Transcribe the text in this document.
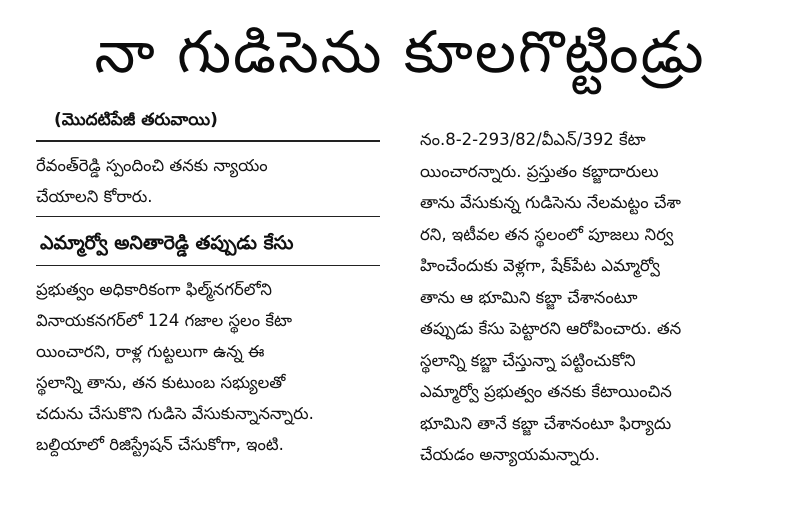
నా గుడిసెను కూలగొట్టిండ్రు
(మొదటిపేజీ తరువాయి)

రేవంత్‌రెడ్డి స్పందించి తనకు న్యాయం

చేయాలని కోరారు.

ఎమ్మార్వో అనితారెడ్డి తప్పుడు కేసు

ప్రభుత్వం అధికారికంగా ఫిల్మ్‌నగర్‌లోని

వినాయకనగర్‌లో 124 గజాల స్థలం కేటా

యించారని, రాళ్ల గుట్టలుగా ఉన్న ఈ

స్థలాన్ని తాను, తన కుటుంబ సభ్యులతో

చదును చేసుకొని గుడిసె వేసుకున్నానన్నారు.

బల్దియాలో రిజిస్ట్రేషన్ చేసుకోగా, ఇంటి.

నం.8-2-293/82/వీఎన్/392 కేటా

యించారన్నారు. ప్రస్తుతం కబ్జాదారులు

తాను వేసుకున్న గుడిసెను నేలమట్టం చేశా

రని, ఇటీవల తన స్థలంలో పూజలు నిర్వ

హించేందుకు వెళ్లగా, షేక్‌పేట ఎమ్మార్వో

తాను ఆ భూమిని కబ్జా చేశానంటూ

తప్పుడు కేసు పెట్టారని ఆరోపించారు. తన

స్థలాన్ని కబ్జా చేస్తున్నా పట్టించుకోని

ఎమ్మార్వో ప్రభుత్వం తనకు కేటాయించిన

భూమిని తానే కబ్జా చేశానంటూ ఫిర్యాదు

చేయడం అన్యాయమన్నారు.
